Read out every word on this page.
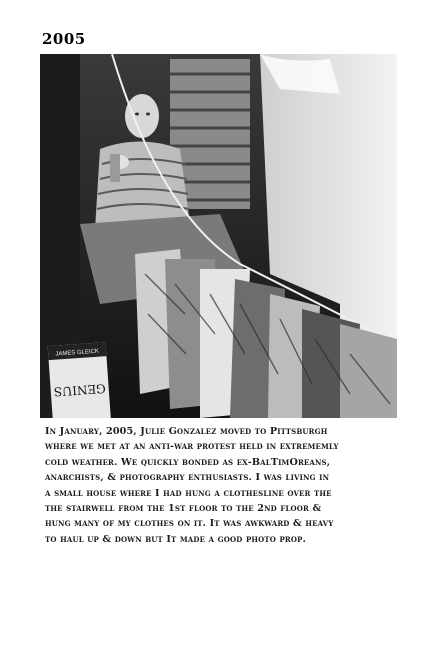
2005
JAMES GLEICK
GENIUS
In January, 2005, Julie Gonzalez moved to Pittsburgh
where we met at an anti-war protest held in extrememly
cold weather. We quickly bonded as ex-BalTimOreans,
anarchists, & photography enthusiasts. I was living in
a small house where I had hung a clothesline over the
the stairwell from the 1st floor to the 2nd floor &
hung many of my clothes on it. It was awkward & heavy
to haul up & down but It made a good photo prop.
